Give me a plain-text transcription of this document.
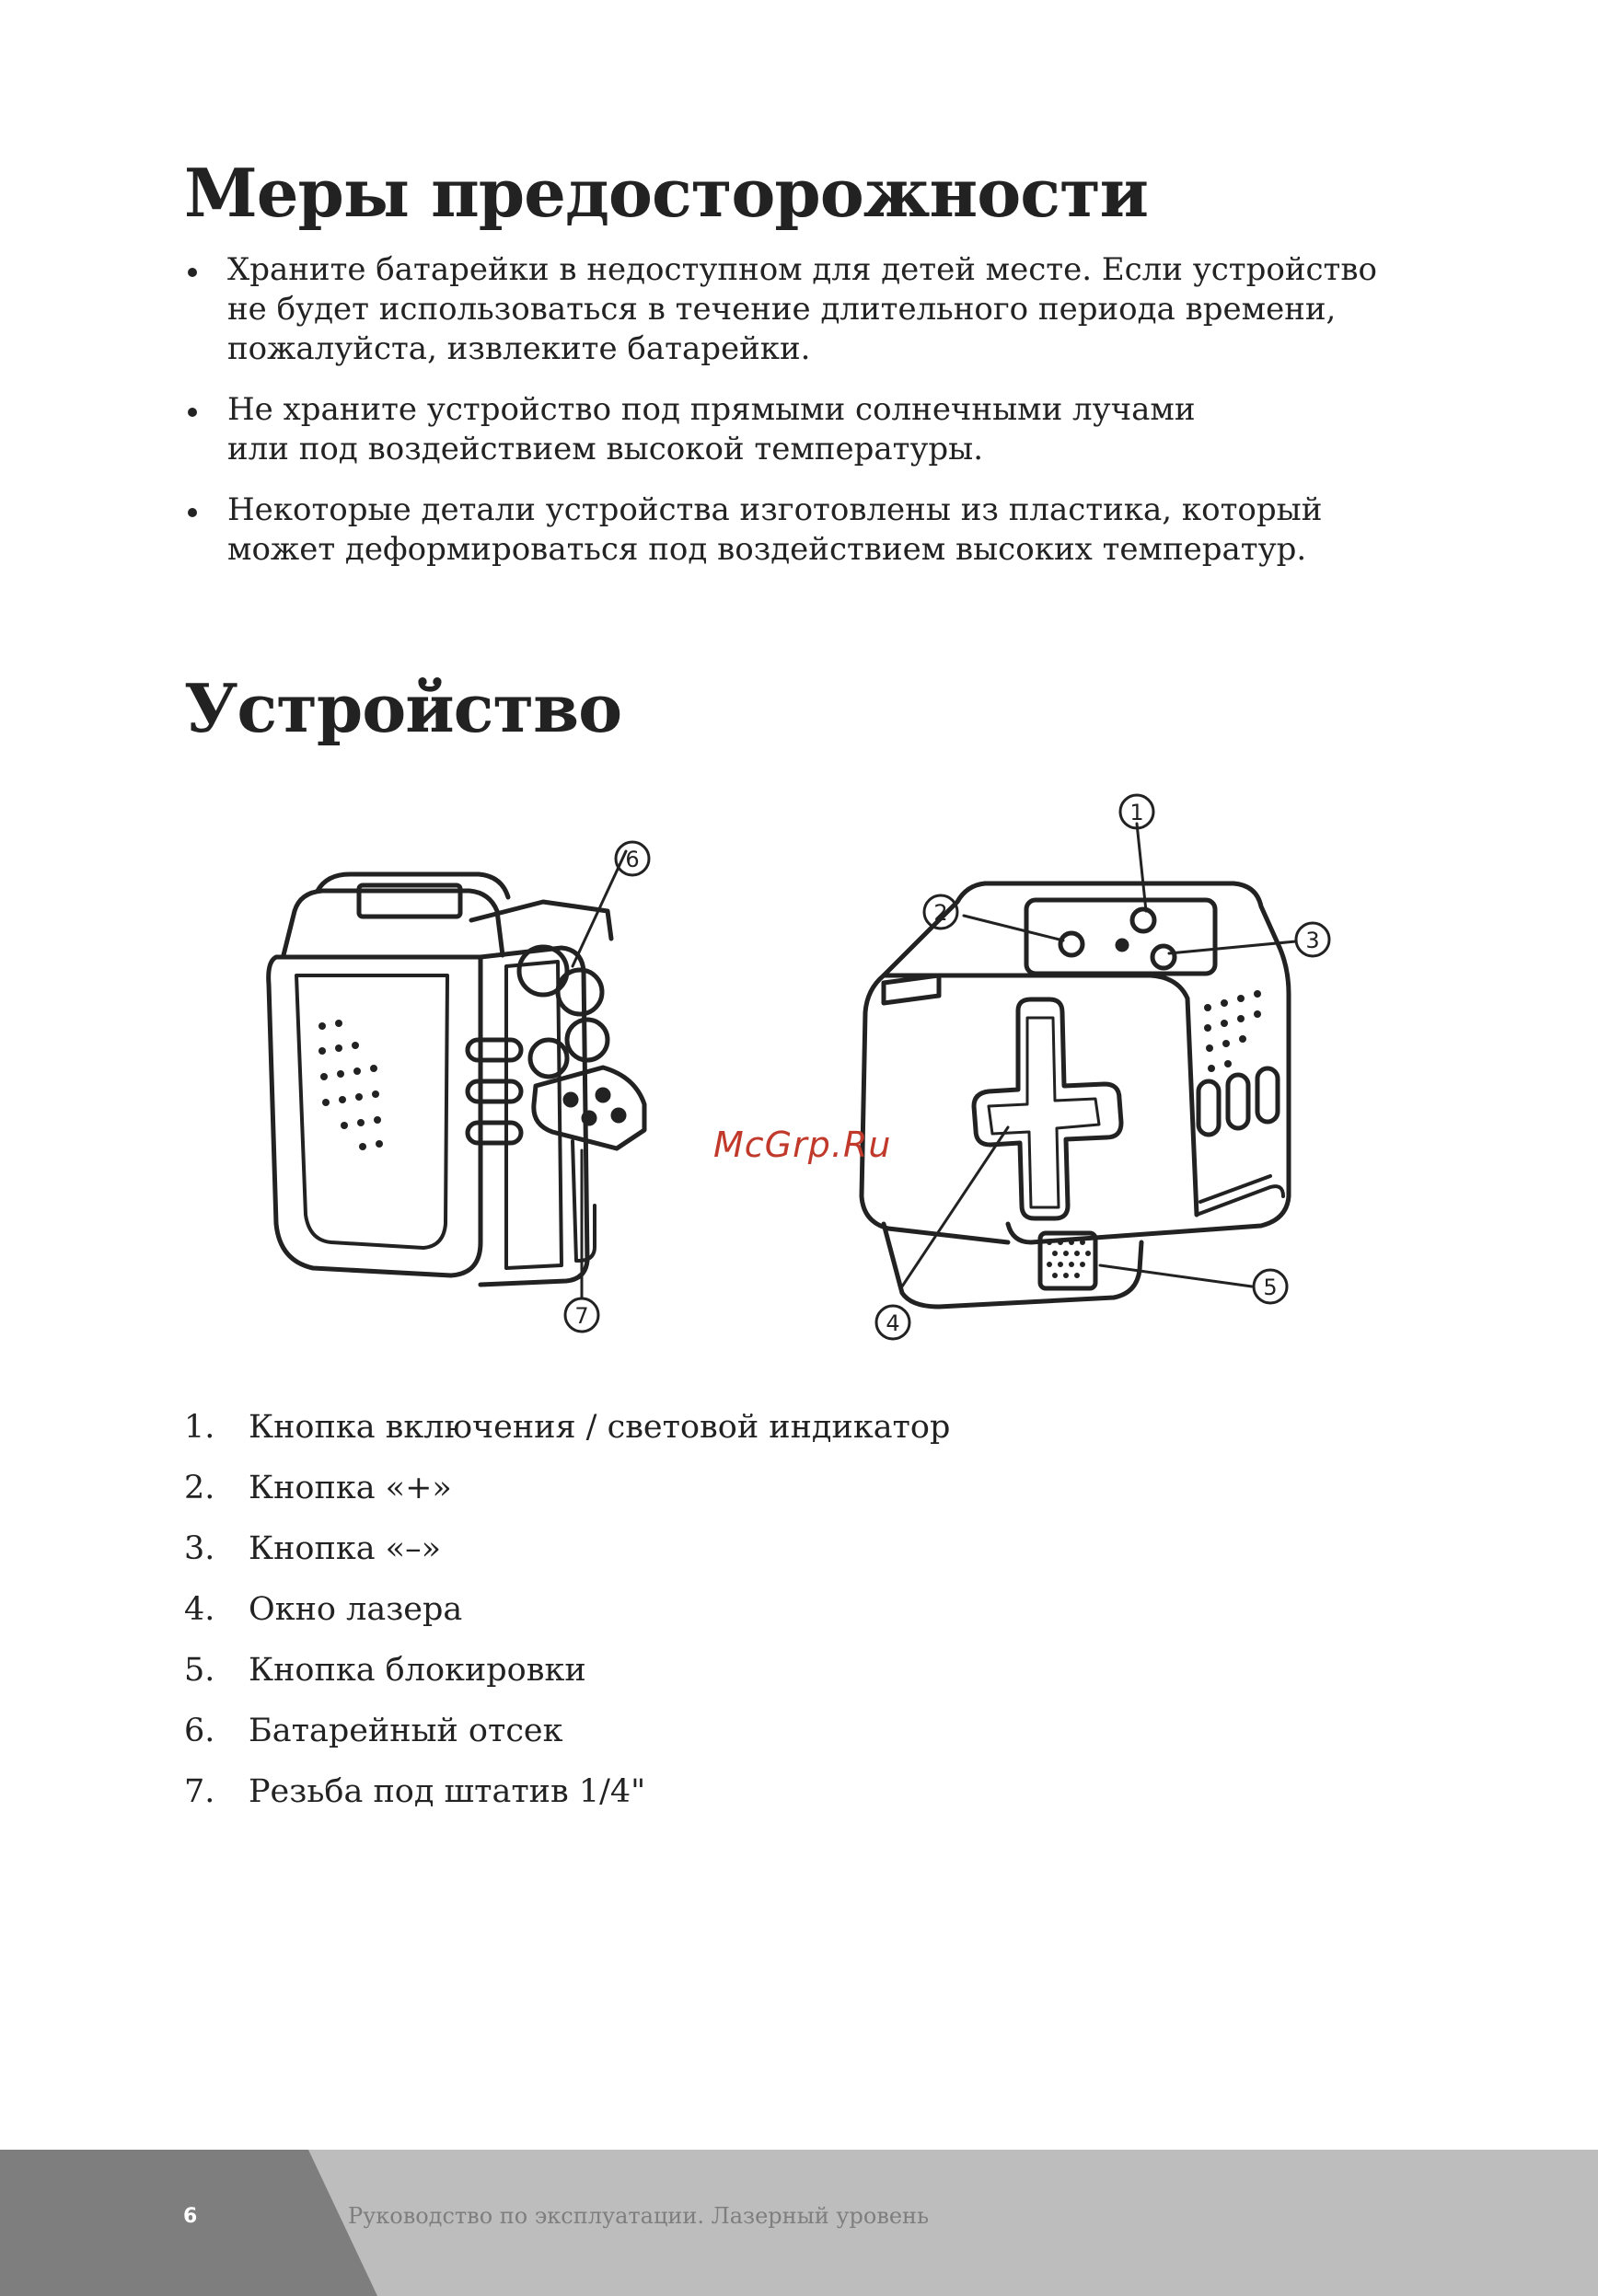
Меры предосторожности
Храните батарейки в недоступном для детей месте. Если устройство
не будет использоваться в течение длительного периода времени,
пожалуйста, извлеките батарейки.
Не храните устройство под прямыми солнечными лучами
или под воздействием высокой температуры.
Некоторые детали устройства изготовлены из пластика, который
может деформироваться под воздействием высоких температур.
Устройство
1
2
3
4
5
6
7
McGrp.Ru
1. Кнопка включения / световой индикатор
2. Кнопка «+»
3. Кнопка «–»
4. Окно лазера
5. Кнопка блокировки
6. Батарейный отсек
7. Резьба под штатив 1/4"
6	Руководство по эксплуатации. Лазерный уровень
